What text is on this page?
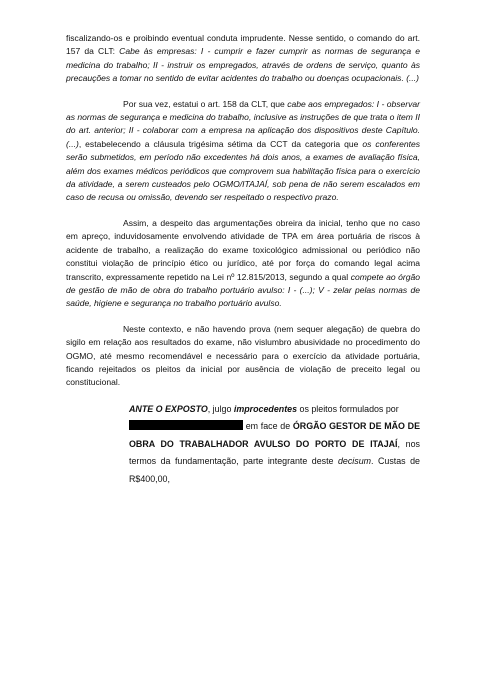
fiscalizando-os e proibindo eventual conduta imprudente. Nesse sentido, o comando do art. 157 da CLT: Cabe às empresas: I - cumprir e fazer cumprir as normas de segurança e medicina do trabalho; II - instruir os empregados, através de ordens de serviço, quanto às precauções a tomar no sentido de evitar acidentes do trabalho ou doenças ocupacionais. (...)

Por sua vez, estatui o art. 158 da CLT, que cabe aos empregados: I - observar as normas de segurança e medicina do trabalho, inclusive as instruções de que trata o item II do art. anterior; II - colaborar com a empresa na aplicação dos dispositivos deste Capítulo. (...), estabelecendo a cláusula trigésima sétima da CCT da categoria que os conferentes serão submetidos, em período não excedentes há dois anos, a exames de avaliação física, além dos exames médicos periódicos que comprovem sua habilitação física para o exercício da atividade, a serem custeados pelo OGMO/ITAJAÍ, sob pena de não serem escalados em caso de recusa ou omissão, devendo ser respeitado o respectivo prazo.

Assim, a despeito das argumentações obreira da inicial, tenho que no caso em apreço, induvidosamente envolvendo atividade de TPA em área portuária de riscos à acidente de trabalho, a realização do exame toxicológico admissional ou periódico não constitui violação de princípio ético ou jurídico, até por força do comando legal acima transcrito, expressamente repetido na Lei nº 12.815/2013, segundo a qual compete ao órgão de gestão de mão de obra do trabalho portuário avulso: I - (...); V - zelar pelas normas de saúde, higiene e segurança no trabalho portuário avulso.

Neste contexto, e não havendo prova (nem sequer alegação) de quebra do sigilo em relação aos resultados do exame, não vislumbro abusividade no procedimento do OGMO, até mesmo recomendável e necessário para o exercício da atividade portuária, ficando rejeitados os pleitos da inicial por ausência de violação de preceito legal ou constitucional.

ANTE O EXPOSTO, julgo improcedentes os pleitos formulados por
em face de ÓRGÃO GESTOR DE MÃO DE OBRA DO TRABALHADOR AVULSO DO PORTO DE ITAJAÍ, nos termos da fundamentação, parte integrante deste decisum. Custas de R$400,00,
